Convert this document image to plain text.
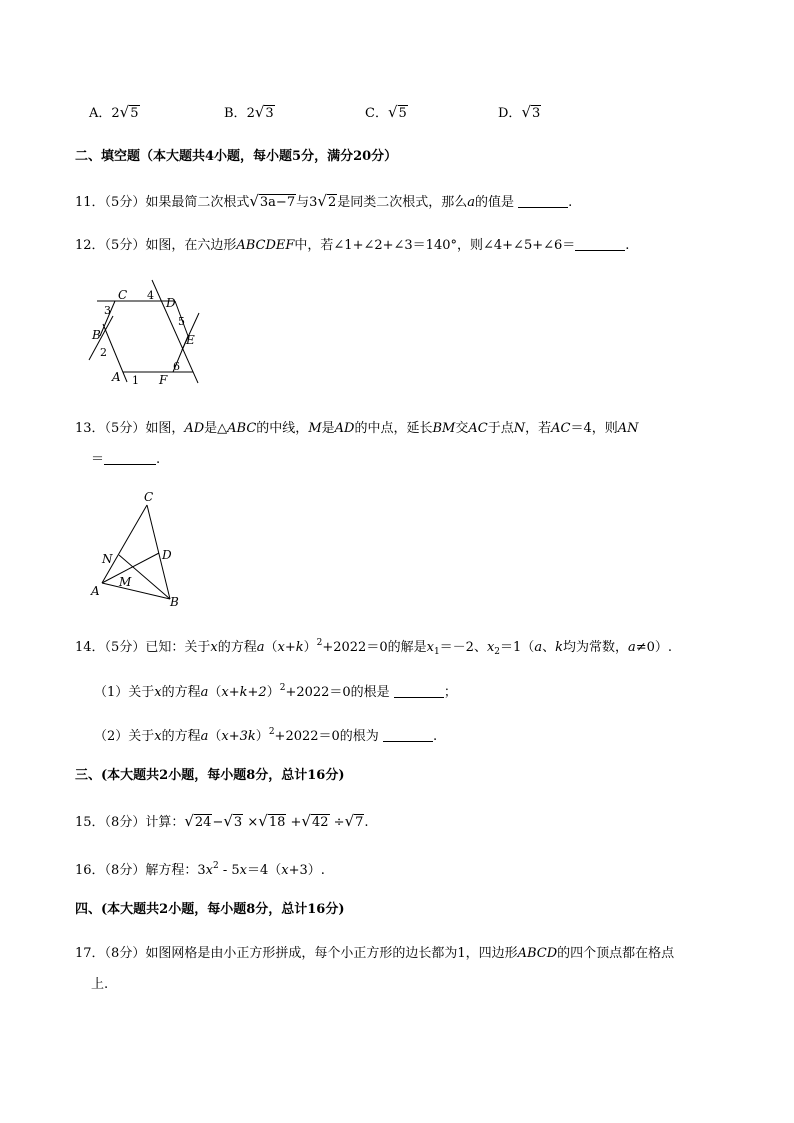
A．2√5	B．2√3	C．√5	D．√3
二、填空题（本大题共4小题，每小题5分，满分20分）
11．（5分）如果最简二次根式√3a−7与3√2是同类二次根式，那么a的值是	.
12．（5分）如图，在六边形ABCDEF中，若∠1+∠2+∠3＝140°，则∠4+∠5+∠6＝	.
C
D
B	E
A	F
3
4
5
2
6
1
13．（5分）如图，AD是△ABC的中线，M是AD的中点，延长BM交AC于点N，若AC＝4，则AN
＝	.
C
D
N
M
A
B
14．（5分）已知：关于x的方程$a(x+k)^2+2022=0$的解是$x_1=-2$、$x_2=1(a$、k均为常数，a≠0）.
（1）关于x的方程$a(x+k+2)^2+2022=0$的根是	；
（2）关于x的方程$a(x+3k)^2+2022=0$的根为	.
三、(本大题共2小题，每小题8分，总计16分)
15．（8分）计算：√24−√3 ×√18 +√42 ÷√7.
16．（8分）解方程：$3x^2 - 5x=4(x+3)$.
四、(本大题共2小题，每小题8分，总计16分)
17．（8分）如图网格是由小正方形拼成，每个小正方形的边长都为1，四边形ABCD的四个顶点都在格点
上.
